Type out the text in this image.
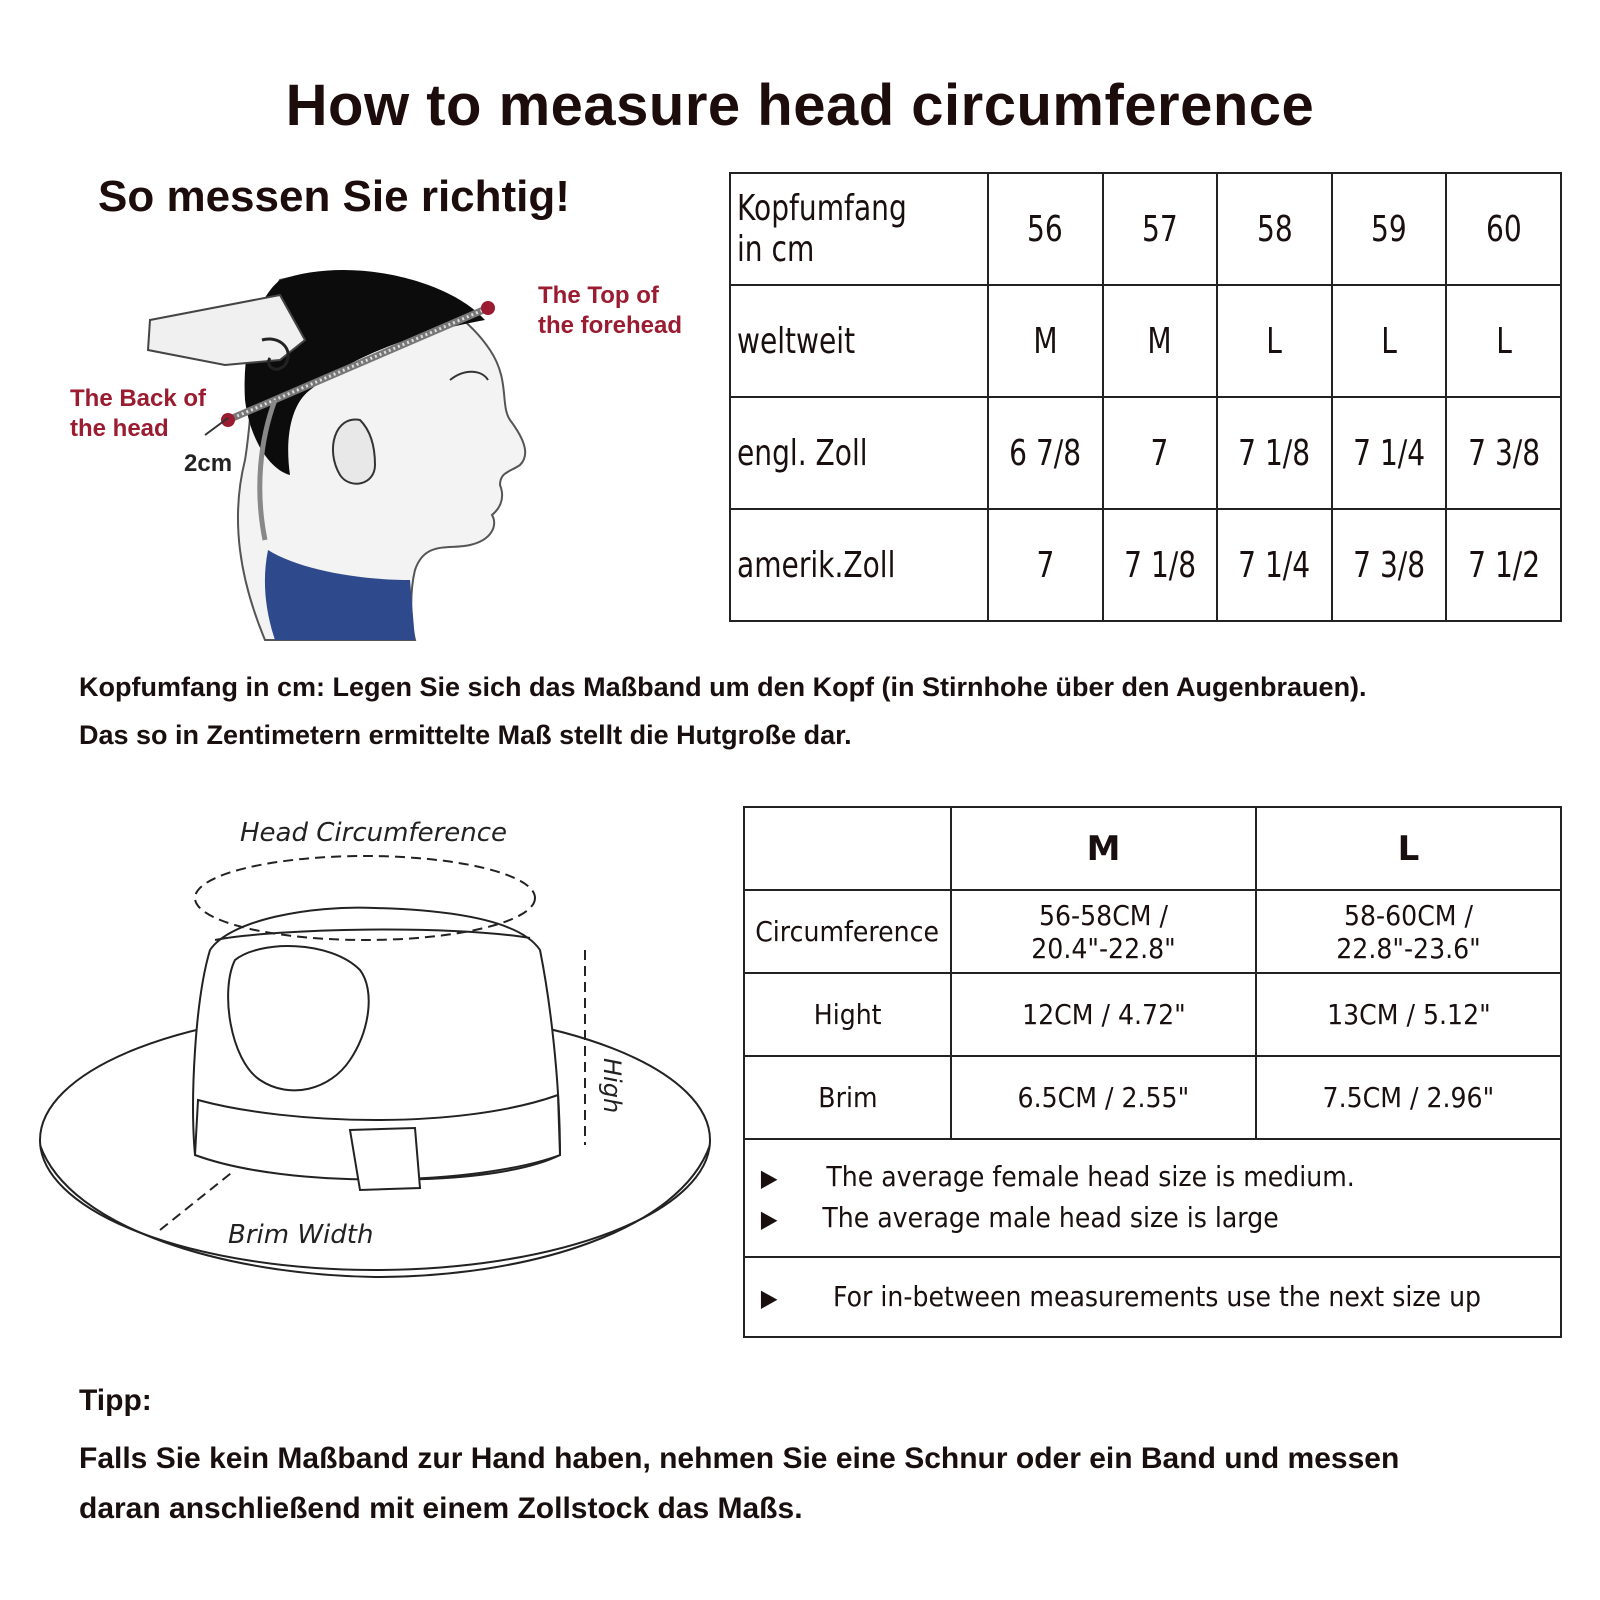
How to measure head circumference
So messen Sie richtig!
The Top of
the forehead
The Back of
the head
2cm
Kopfumfang in cm	56	57	58	59	60
weltweit	M	M	L	L	L
engl. Zoll	6 7/8	7	7 1/8	7 1/4	7 3/8
amerik.Zoll	7	7 1/8	7 1/4	7 3/8	7 1/2
Kopfumfang in cm: Legen Sie sich das Maßband um den Kopf (in Stirnhohe über den Augenbrauen).
Das so in Zentimetern ermittelte Maß stellt die Hutgroße dar.
Head Circumference
Brim Width
High
	M	L
Circumference	56-58CM / 20.4"-22.8"	58-60CM / 22.8"-23.6"
Hight	12CM / 4.72"	13CM / 5.12"
Brim	6.5CM / 2.55"	7.5CM / 2.96"

▶ The average female head size is medium.
▶ The average male head size is large		

▶ For in-between measurements use the next size up		
Tipp:
Falls Sie kein Maßband zur Hand haben, nehmen Sie eine Schnur oder ein Band und messen
daran anschließend mit einem Zollstock das Maßs.
